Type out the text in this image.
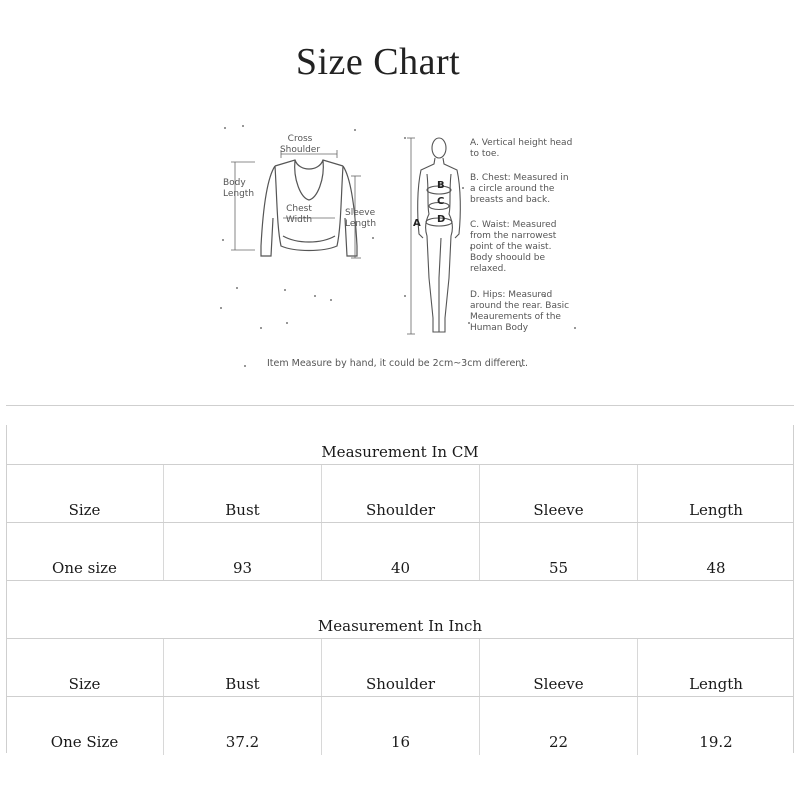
Size Chart
Cross Shoulder
Body Length
Chest Width
Sleeve Length	A
B
C
D
A. Vertical height head to toe.
B. Chest: Measured in a circle around the breasts and back.
C. Waist: Measured from the narrowest point of the waist. Body shoould be relaxed.
D. Hips: Measured around the rear. Basic Meaurements of the Human Body
Item Measure by hand, it could be 2cm~3cm different.
Measurement In CM
Size	Bust	Shoulder	Sleeve	Length
One size	93	40	55	48
Measurement In Inch
Size	Bust	Shoulder	Sleeve	Length
One Size	37.2	16	22	19.2
